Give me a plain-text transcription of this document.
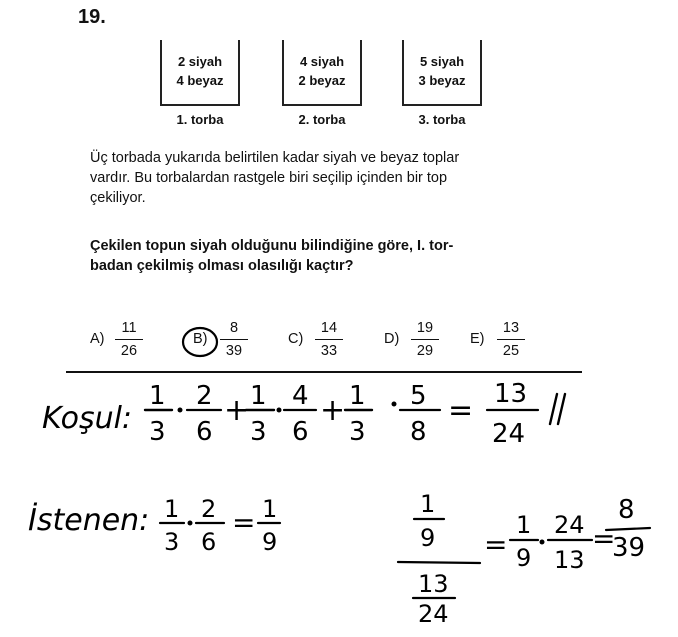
19.
2 siyah
4 beyaz
1. torba
4 siyah
2 beyaz
2. torba
5 siyah
3 beyaz
3. torba
Üç torbada yukarıda belirtilen kadar siyah ve beyaz toplar
vardır. Bu torbalardan rastgele biri seçilip içinden bir top
çekiliyor.
Çekilen topun siyah olduğunu bilindiğine göre, I. tor-
badan çekilmiş olması olasılığı kaçtır?
A)
11
26
B)
8
39
C)
14
33
D)
19
29
E)
13
25
Koşul:
1
3
2
6
+ 1
3
4
6
+ 1
3
5
8
= 13
24
İstenen: 1
3
2
6
= 1
9
1
9
13
24
=
1
9
24
13
=
8
39
